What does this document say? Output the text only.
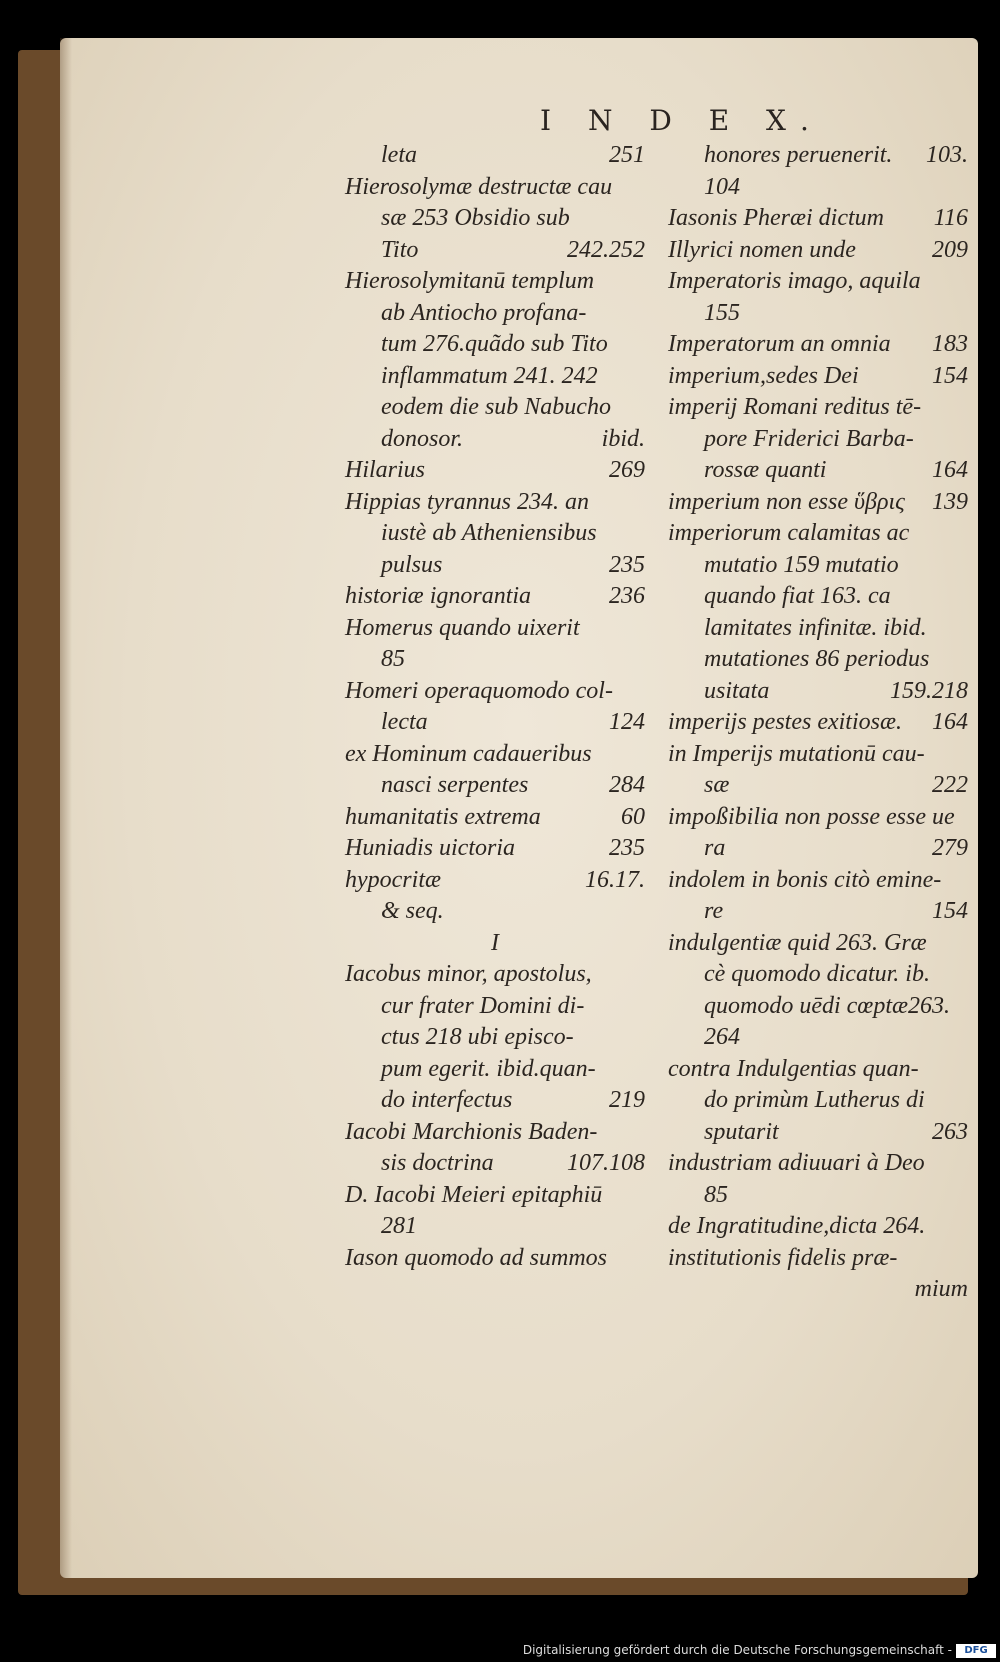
I N D E X.
leta	251
Hierosolymæ destructæ cau
sæ 253 Obsidio sub
Tito	242.252
Hierosolymitanū templum
ab Antiocho profana-
tum 276.quãdo sub Tito
inflammatum 241. 242
eodem die sub Nabucho
donosor.	ibid.
Hilarius	269
Hippias tyrannus 234. an
iustè ab Atheniensibus
pulsus	235
historiæ ignorantia	236
Homerus quando uixerit
85
Homeri operaquomodo col-
lecta	124
ex Hominum cadaueribus
nasci serpentes	284
humanitatis extrema	60
Huniadis uictoria	235
hypocritæ	16.17.
& seq.
I
Iacobus minor, apostolus,
cur frater Domini di-
ctus 218 ubi episco-
pum egerit. ibid.quan-
do interfectus	219
Iacobi Marchionis Baden-
sis doctrina	107.108
D. Iacobi Meieri epitaphiū
281
Iason quomodo ad summos
honores peruenerit. 103.
104
Iasonis Pheræi dictum 116
Illyrici nomen unde	209
Imperatoris imago, aquila
155
Imperatorum an omnia 183
imperium,sedes Dei	154
imperij Romani reditus tē-
pore Friderici Barba-
rossæ quanti	164
imperium non esse ὕβρις 139
imperiorum calamitas ac
mutatio 159 mutatio
quando fiat 163. ca
lamitates infinitæ. ibid.
mutationes 86 periodus
usitata	159.218
imperijs pestes exitiosæ. 164
in Imperijs mutationū cau-
sæ	222
impoßibilia non posse esse ue
ra	279
indolem in bonis citò emine-
re	154
indulgentiæ quid 263. Græ
cè quomodo dicatur. ib.
quomodo uēdi cœptæ263.
264
contra Indulgentias quan-
do primùm Lutherus di
sputarit	263
industriam adiuuari à Deo
85
de Ingratitudine,dicta 264.
institutionis fidelis præ-
mium
Digitalisierung gefördert durch die Deutsche Forschungsgemeinschaft -	DFG
